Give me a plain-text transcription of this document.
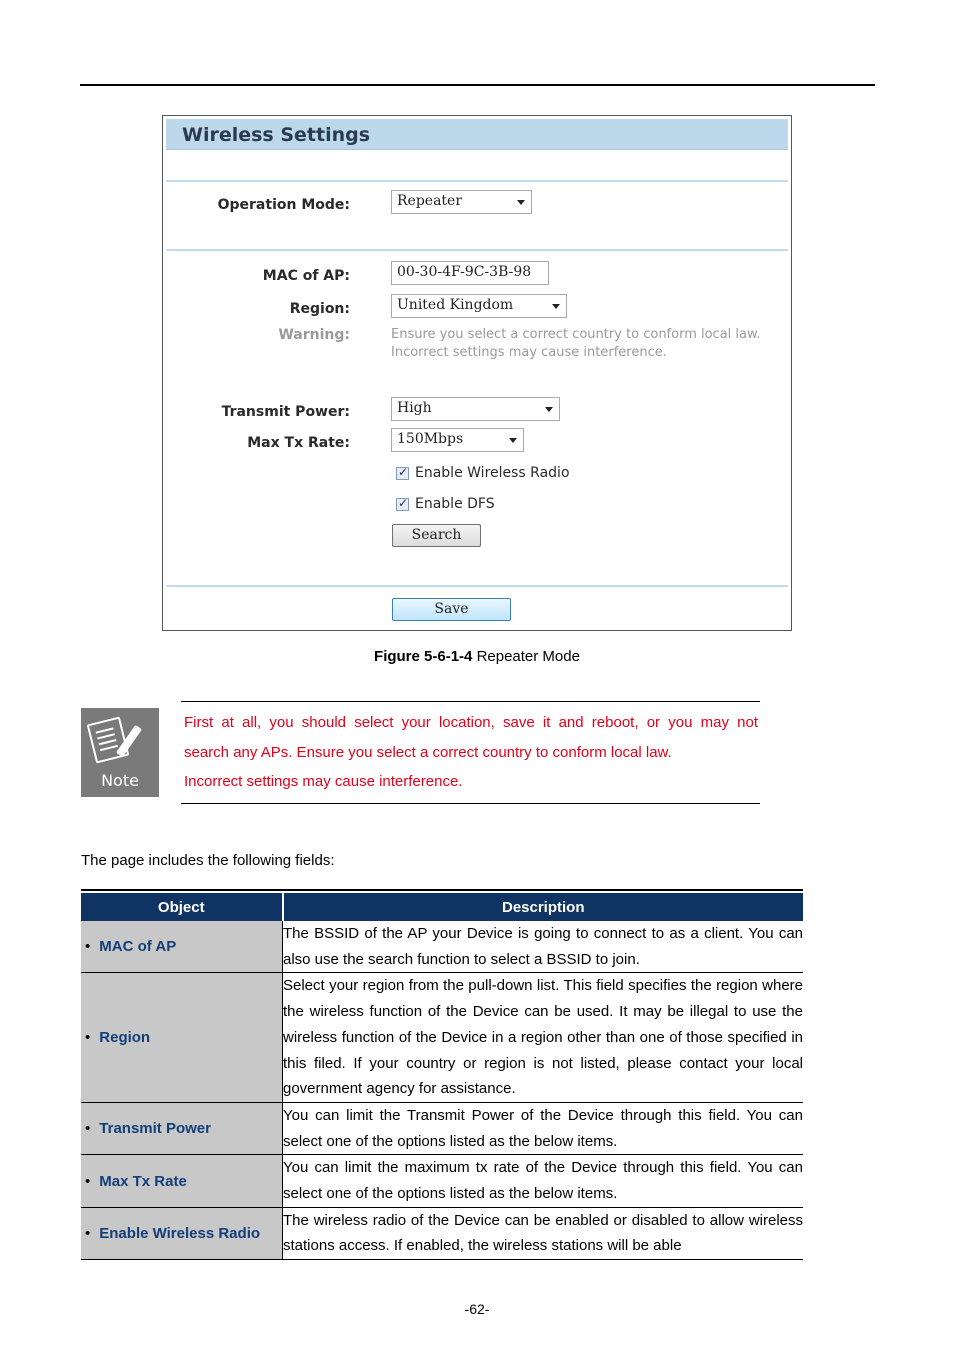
Wireless Settings
Operation Mode:	Repeater
MAC of AP:	00-30-4F-9C-3B-98
Region:	United Kingdom
Warning:	Ensure you select a correct country to conform local law.
Incorrect settings may cause interference.
Transmit Power:	High
Max Tx Rate:	150Mbps
✓
Enable Wireless Radio
✓
Enable DFS
Search
Save
Figure 5-6-1-4 Repeater Mode
Note
First at all, you should select your location, save it and reboot, or you may not
search any APs. Ensure you select a correct country to conform local law.
Incorrect settings may cause interference.
The page includes the following fields:
Object	Description
• MAC of AP	The BSSID of the AP your Device is going to connect to as a client. You can also use the search function to select a BSSID to join.
• Region	Select your region from the pull-down list. This field specifies the region where the wireless function of the Device can be used. It may be illegal to use the wireless function of the Device in a region other than one of those specified in this filed. If your country or region is not listed, please contact your local government agency for assistance.
• Transmit Power	You can limit the Transmit Power of the Device through this field. You can select one of the options listed as the below items.
• Max Tx Rate	You can limit the maximum tx rate of the Device through this field. You can select one of the options listed as the below items.
• Enable Wireless Radio	The wireless radio of the Device can be enabled or disabled to allow wireless stations access. If enabled, the wireless stations will be able
-62-
